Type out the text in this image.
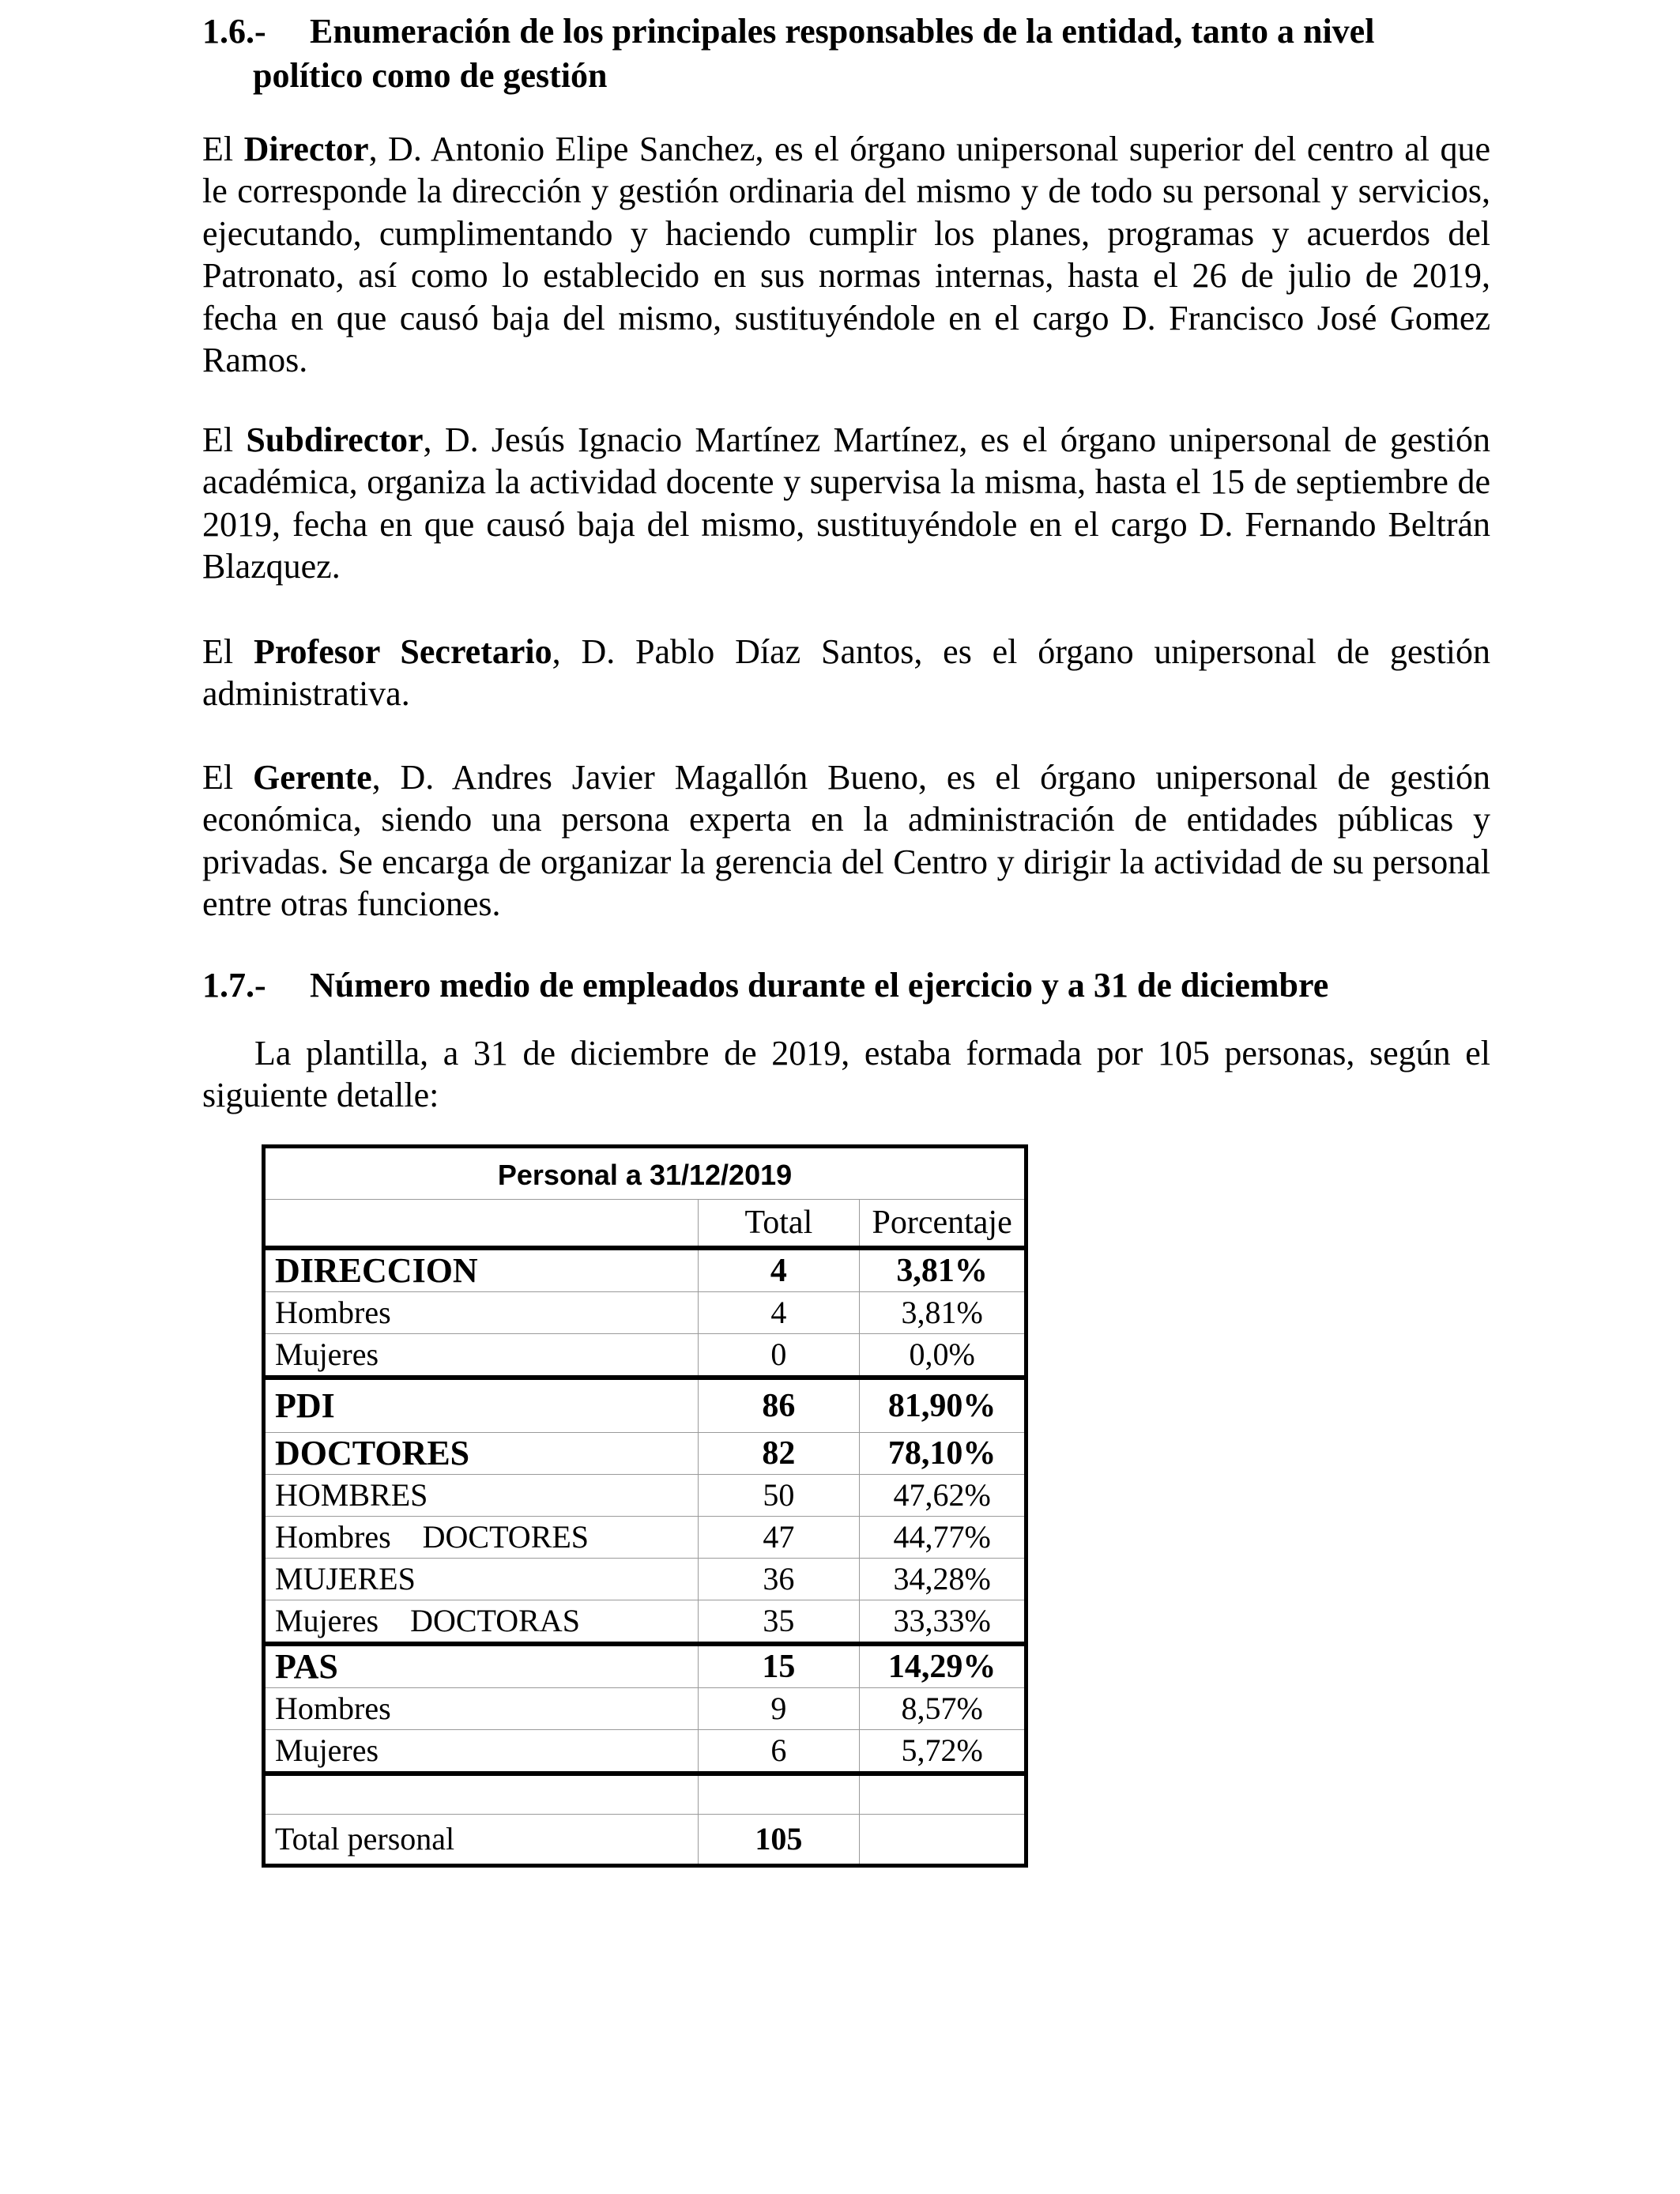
1.6.- Enumeración de los principales responsables de la entidad, tanto a nivel
político como de gestión
El Director, D. Antonio Elipe Sanchez, es el órgano unipersonal superior del centro al que le corresponde la dirección y gestión ordinaria del mismo y de todo su personal y servicios, ejecutando, cumplimentando y haciendo cumplir los planes, programas y acuerdos del Patronato, así como lo establecido en sus normas internas, hasta el 26 de julio de 2019, fecha en que causó baja del mismo, sustituyéndole en el cargo D. Francisco José Gomez Ramos.
El Subdirector, D. Jesús Ignacio Martínez Martínez, es el órgano unipersonal de gestión académica, organiza la actividad docente y supervisa la misma, hasta el 15 de septiembre de 2019, fecha en que causó baja del mismo, sustituyéndole en el cargo D. Fernando Beltrán Blazquez.
El Profesor Secretario, D. Pablo Díaz Santos, es el órgano unipersonal de gestión administrativa.
El Gerente, D. Andres Javier Magallón Bueno, es el órgano unipersonal de gestión económica, siendo una persona experta en la administración de entidades públicas y privadas. Se encarga de organizar la gerencia del Centro y dirigir la actividad de su personal entre otras funciones.
1.7.- Número medio de empleados durante el ejercicio y a 31 de diciembre
La plantilla, a 31 de diciembre de 2019, estaba formada por 105 personas, según el siguiente detalle:
Personal a 31/12/2019		
	Total	Porcentaje
DIRECCION	4	3,81%
Hombres	4	3,81%
Mujeres	0	0,0%
PDI	86	81,90%
DOCTORES	82	78,10%
HOMBRES	50	47,62%
Hombres DOCTORES	47	44,77%
MUJERES	36	34,28%
Mujeres DOCTORAS	35	33,33%
PAS	15	14,29%
Hombres	9	8,57%
Mujeres	6	5,72%

Total personal	105	
